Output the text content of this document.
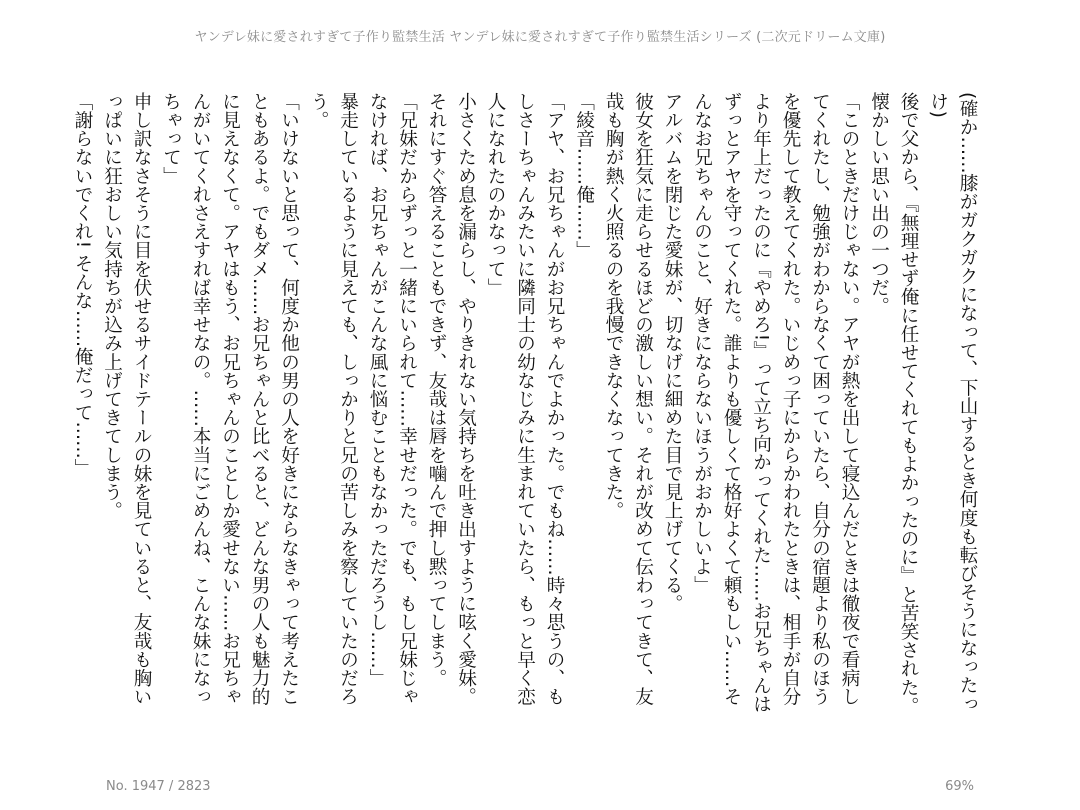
ヤンデレ妹に愛されすぎて子作り監禁生活 ヤンデレ妹に愛されすぎて子作り監禁生活シリーズ (二次元ドリーム文庫)

(確か……膝がガクガクになって、下山するとき何度も転びそうになったっけ)

後で父から、『無理せず俺に任せてくれてもよかったのに』と苦笑された。

懐かしい思い出の一つだ。

「このときだけじゃない。アヤが熱を出して寝込んだときは徹夜で看病してくれたし、勉強がわからなくて困っていたら、自分の宿題より私のほうを優先して教えてくれた。いじめっ子にからかわれたときは、相手が自分より年上だったのに『やめろ!』って立ち向かってくれた……お兄ちゃんはずっとアヤを守ってくれた。誰よりも優しくて格好よくて頼もしい……そんなお兄ちゃんのこと、好きにならないほうがおかしいよ」

アルバムを閉じた愛妹が、切なげに細めた目で見上げてくる。

彼女を狂気に走らせるほどの激しい想い。それが改めて伝わってきて、友哉も胸が熱く火照るのを我慢できなくなってきた。

「綾音……俺……」

「アヤ、お兄ちゃんがお兄ちゃんでよかった。でもね……時々思うの、もしさーちゃんみたいに隣同士の幼なじみに生まれていたら、もっと早く恋人になれたのかなって」

小さくため息を漏らし、やりきれない気持ちを吐き出すように呟く愛妹。

それにすぐ答えることもできず、友哉は唇を噛んで押し黙ってしまう。

「兄妹だからずっと一緒にいられて……幸せだった。でも、もし兄妹じゃなければ、お兄ちゃんがこんな風に悩むこともなかっただろうし……」

暴走しているように見えても、しっかりと兄の苦しみを察していたのだろう。

「いけないと思って、何度か他の男の人を好きにならなきゃって考えたこともあるよ。でもダメ……お兄ちゃんと比べると、どんな男の人も魅力的に見えなくて。アヤはもう、お兄ちゃんのことしか愛せない……お兄ちゃんがいてくれさえすれば幸せなの。……本当にごめんね、こんな妹になっちゃって」

申し訳なさそうに目を伏せるサイドテールの妹を見ていると、友哉も胸いっぱいに狂おしい気持ちが込み上げてきてしまう。

「謝らないでくれ! そんな……俺だって……」

No. 1947 / 2823	69%
